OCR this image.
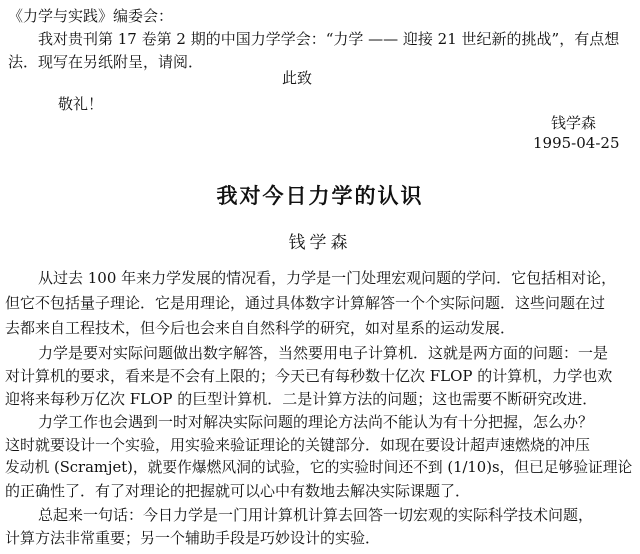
《力学与实践》编委会：
我对贵刊第 17 卷第 2 期的中国力学学会：“力学 —— 迎接 21 世纪新的挑战”，有点想
法．现写在另纸附呈，请阅．
此致
敬礼！
钱学森
1995-04-25
我对今日力学的认识
钱学森
从过去 100 年来力学发展的情况看，力学是一门处理宏观问题的学问．它包括相对论，
但它不包括量子理论．它是用理论，通过具体数字计算解答一个个实际问题．这些问题在过
去都来自工程技术，但今后也会来自自然科学的研究，如对星系的运动发展．
力学是要对实际问题做出数字解答，当然要用电子计算机．这就是两方面的问题：一是
对计算机的要求，看来是不会有上限的；今天已有每秒数十亿次 FLOP 的计算机，力学也欢
迎将来每秒万亿次 FLOP 的巨型计算机．二是计算方法的问题；这也需要不断研究改进．
力学工作也会遇到一时对解决实际问题的理论方法尚不能认为有十分把握，怎么办？
这时就要设计一个实验，用实验来验证理论的关键部分．如现在要设计超声速燃烧的冲压
发动机 (Scramjet)，就要作爆燃风洞的试验，它的实验时间还不到 (1/10)s，但已足够验证理论
的正确性了．有了对理论的把握就可以心中有数地去解决实际课题了．
总起来一句话：今日力学是一门用计算机计算去回答一切宏观的实际科学技术问题，
计算方法非常重要；另一个辅助手段是巧妙设计的实验．
